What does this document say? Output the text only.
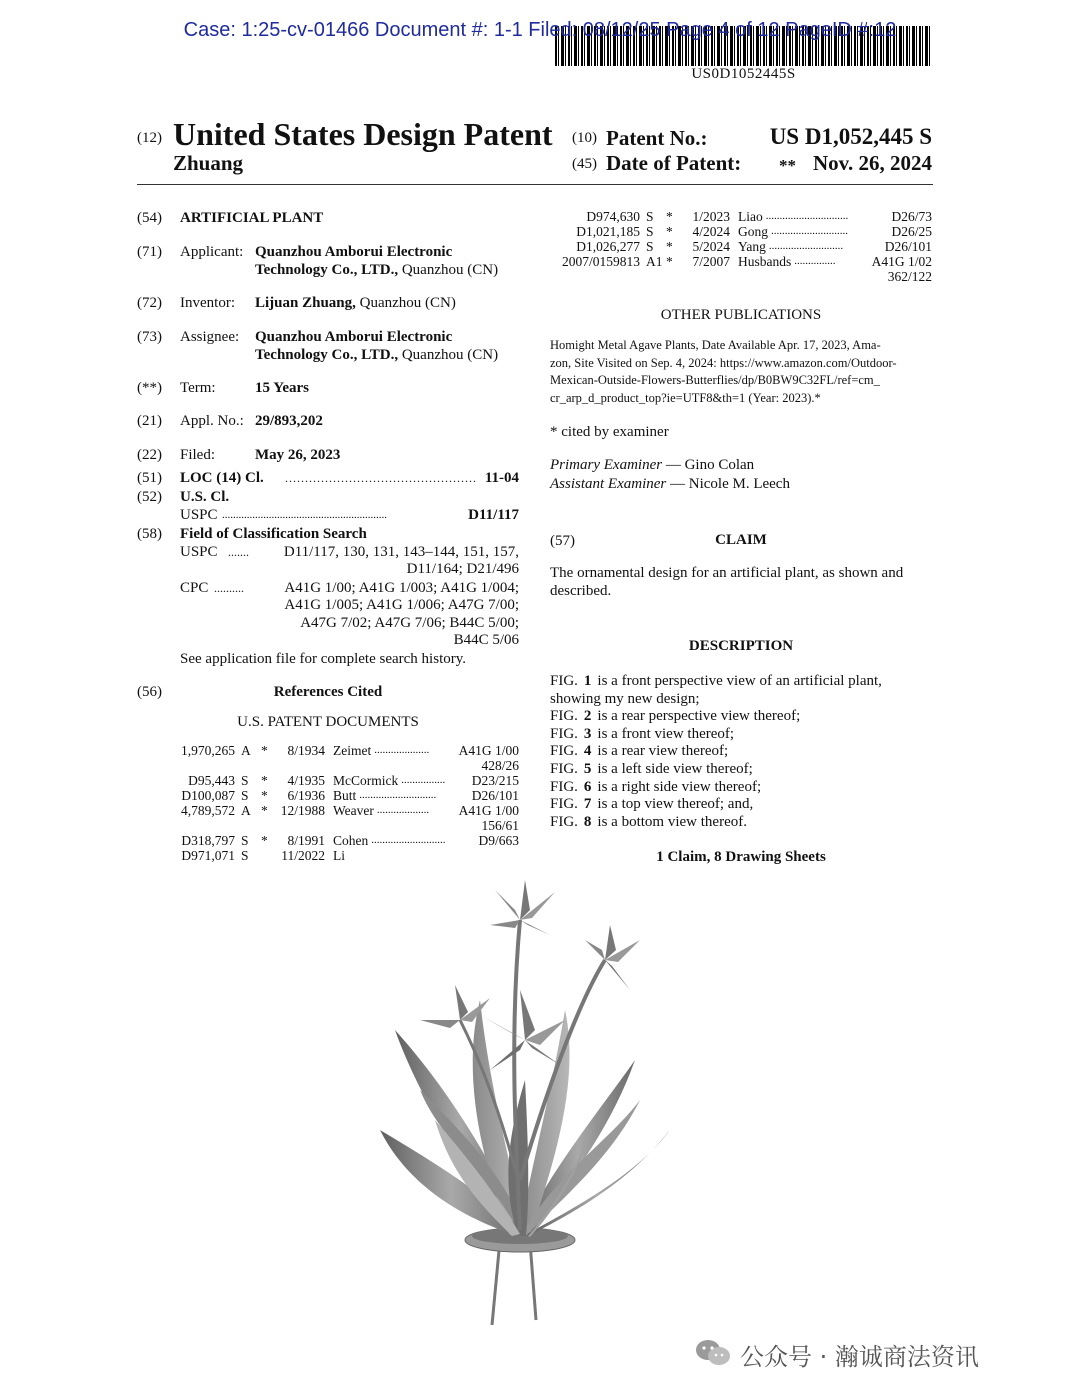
Case: 1:25-cv-01466 Document #: 1-1 Filed: 08/12/25 Page 4 of 12 PageID #:12
US0D1052445S
(12) United States Design Patent
Zhuang
(10) Patent No.:	US D1,052,445 S
(45) Date of Patent: ** Nov. 26, 2024
(54) ARTIFICIAL PLANT
(71) Applicant: Quanzhou Amborui Electronic
Technology Co., LTD., Quanzhou (CN)
(72) Inventor: Lijuan Zhuang, Quanzhou (CN)
(73) Assignee: Quanzhou Amborui Electronic
Technology Co., LTD., Quanzhou (CN)
(**) Term:	15 Years
(21) Appl. No.: 29/893,202
(22) Filed:	May 26, 2023
(51) LOC (14) Cl. ................................................ 11-04
(52) U.S. Cl.
USPC ............................................................	D11/117
(58) Field of Classification Search
USPC ....... D11/117, 130, 131, 143–144, 151, 157,
D11/164; D21/496
CPC ..........	A41G 1/00; A41G 1/003; A41G 1/004;
A41G 1/005; A41G 1/006; A47G 7/00;
A47G 7/02; A47G 7/06; B44C 5/00;
B44C 5/06
See application file for complete search history.
(56)	References Cited
U.S. PATENT DOCUMENTS
1,970,265 A *	8/1934 Zeimet ....................	A41G 1/00
428/26
D95,443 S *	4/1935 McCormick ................	D23/215
D100,087 S *	6/1936 Butt ............................	D26/101
4,789,572 A * 12/1988 Weaver ...................	A41G 1/00
156/61
D318,797 S *	8/1991 Cohen ...........................	D9/663
D971,071 S	11/2022 Li
D974,630 S *	1/2023 Liao ..............................	D26/73
D1,021,185 S *	4/2024 Gong ............................	D26/25
D1,026,277 S *	5/2024 Yang ...........................	D26/101
2007/0159813 A1 *	7/2007 Husbands ...............	A41G 1/02
362/122
OTHER PUBLICATIONS
Homight Metal Agave Plants, Date Available Apr. 17, 2023, Ama-
zon, Site Visited on Sep. 4, 2024: https://www.amazon.com/Outdoor-
Mexican-Outside-Flowers-Butterflies/dp/B0BW9C32FL/ref=cm_
cr_arp_d_product_top?ie=UTF8&th=1 (Year: 2023).*
* cited by examiner
Primary Examiner — Gino Colan
Assistant Examiner — Nicole M. Leech
(57)	CLAIM
The ornamental design for an artificial plant, as shown and
described.
DESCRIPTION
FIG. 1 is a front perspective view of an artificial plant,
showing my new design;
FIG. 2 is a rear perspective view thereof;
FIG. 3 is a front view thereof;
FIG. 4 is a rear view thereof;
FIG. 5 is a left side view thereof;
FIG. 6 is a right side view thereof;
FIG. 7 is a top view thereof; and,
FIG. 8 is a bottom view thereof.
1 Claim, 8 Drawing Sheets
公众号 · 瀚诚商法资讯
